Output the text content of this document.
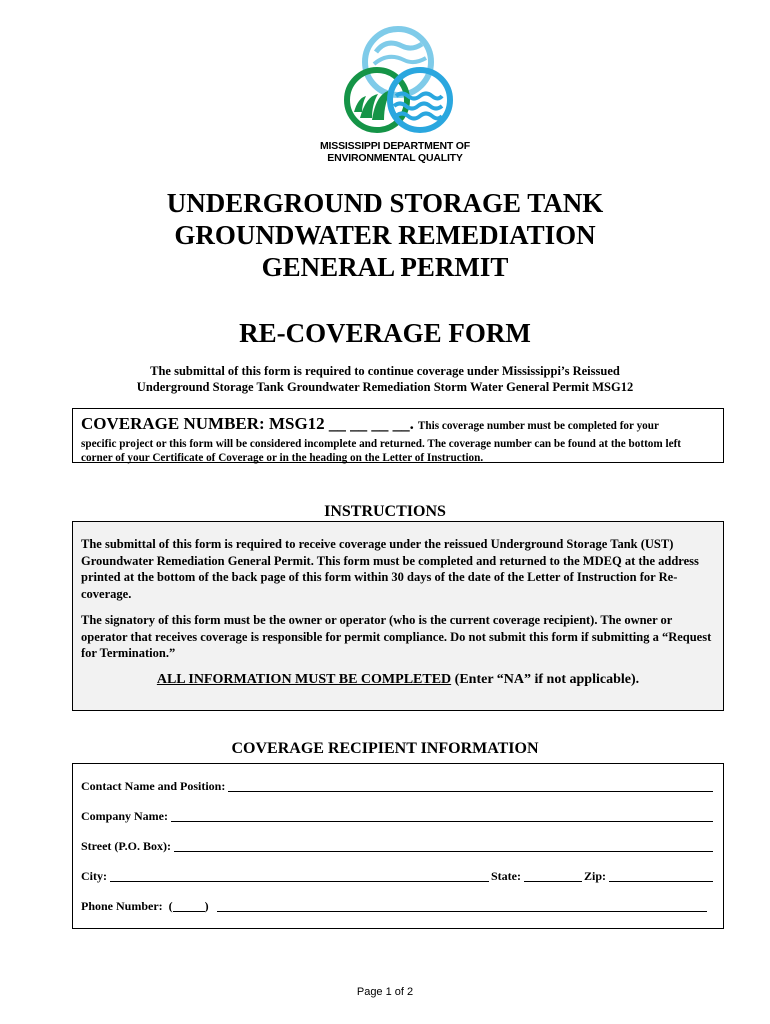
MISSISSIPPI DEPARTMENT OF
ENVIRONMENTAL QUALITY
UNDERGROUND STORAGE TANK
GROUNDWATER REMEDIATION
GENERAL PERMIT
RE-COVERAGE FORM
The submittal of this form is required to continue coverage under Mississippi’s Reissued
Underground Storage Tank Groundwater Remediation Storm Water General Permit MSG12
COVERAGE NUMBER: MSG12 __ __ __ __. This coverage number must be completed for your
specific project or this form will be considered incomplete and returned. The coverage number can be found at the bottom left corner of your Certificate of Coverage or in the heading on the Letter of Instruction.
INSTRUCTIONS

The submittal of this form is required to receive coverage under the reissued Underground Storage Tank (UST) Groundwater Remediation General Permit. This form must be completed and returned to the MDEQ at the address printed at the bottom of the back page of this form within 30 days of the date of the Letter of Instruction for Re-coverage.

The signatory of this form must be the owner or operator (who is the current coverage recipient). The owner or operator that receives coverage is responsible for permit compliance. Do not submit this form if submitting a “Request for Termination.”

ALL INFORMATION MUST BE COMPLETED (Enter “NA” if not applicable).

COVERAGE RECIPIENT INFORMATION
Contact Name and Position:
Company Name:
Street (P.O. Box):
City:	State:	Zip:
Phone Number: (	)
Page 1 of 2
